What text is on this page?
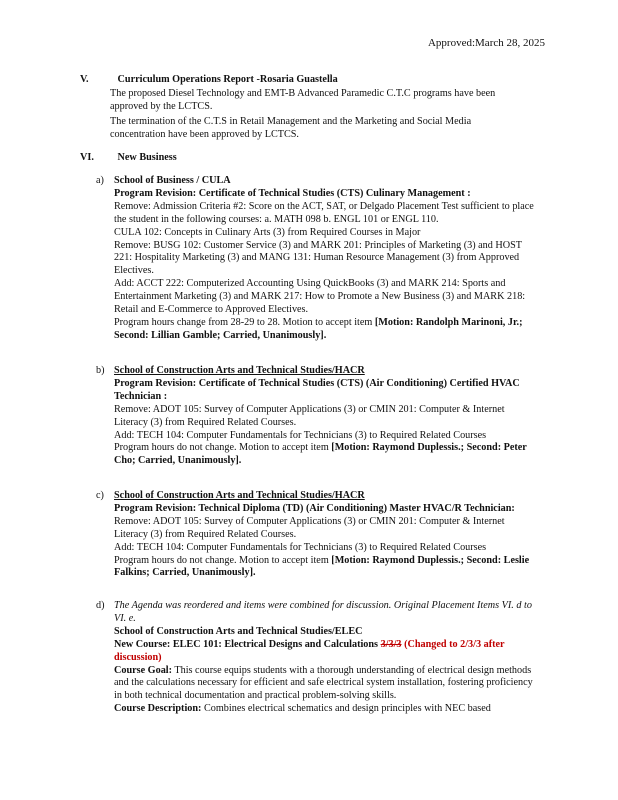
Approved:March 28, 2025
V.	Curriculum Operations Report -Rosaria Guastella
The proposed Diesel Technology and EMT-B Advanced Paramedic C.T.C programs have been approved by the LCTCS.
The termination of the C.T.S in Retail Management and the Marketing and Social Media concentration have been approved by LCTCS.
VI. New Business
a) School of Business / CULA
Program Revision: Certificate of Technical Studies (CTS) Culinary Management :
Remove: Admission Criteria #2: Score on the ACT, SAT, or Delgado Placement Test sufficient to place the student in the following courses: a. MATH 098 b. ENGL 101 or ENGL 110.
CULA 102: Concepts in Culinary Arts (3) from Required Courses in Major
Remove: BUSG 102: Customer Service (3) and MARK 201: Principles of Marketing (3) and HOST 221: Hospitality Marketing (3) and MANG 131: Human Resource Management (3) from Approved Electives.
Add: ACCT 222: Computerized Accounting Using QuickBooks (3) and MARK 214: Sports and Entertainment Marketing (3) and MARK 217: How to Promote a New Business (3) and MARK 218: Retail and E-Commerce to Approved Electives.
Program hours change from 28-29 to 28. Motion to accept item [Motion: Randolph Marinoni, Jr.; Second: Lillian Gamble; Carried, Unanimously].
b) School of Construction Arts and Technical Studies/HACR
Program Revision: Certificate of Technical Studies (CTS) (Air Conditioning) Certified HVAC Technician :
Remove: ADOT 105: Survey of Computer Applications (3) or CMIN 201: Computer & Internet Literacy (3) from Required Related Courses.
Add: TECH 104: Computer Fundamentals for Technicians (3) to Required Related Courses
Program hours do not change. Motion to accept item [Motion: Raymond Duplessis.; Second: Peter Cho; Carried, Unanimously].
c) School of Construction Arts and Technical Studies/HACR
Program Revision: Technical Diploma (TD) (Air Conditioning) Master HVAC/R Technician:
Remove: ADOT 105: Survey of Computer Applications (3) or CMIN 201: Computer & Internet Literacy (3) from Required Related Courses.
Add: TECH 104: Computer Fundamentals for Technicians (3) to Required Related Courses
Program hours do not change. Motion to accept item [Motion: Raymond Duplessis.; Second: Leslie Falkins; Carried, Unanimously].
d) The Agenda was reordered and items were combined for discussion. Original Placement Items VI. d to VI. e.
School of Construction Arts and Technical Studies/ELEC
New Course: ELEC 101: Electrical Designs and Calculations 3/3/3 (Changed to 2/3/3 after discussion)
Course Goal: This course equips students with a thorough understanding of electrical design methods and the calculations necessary for efficient and safe electrical system installation, fostering proficiency in both technical documentation and practical problem-solving skills.
Course Description: Combines electrical schematics and design principles with NEC based
